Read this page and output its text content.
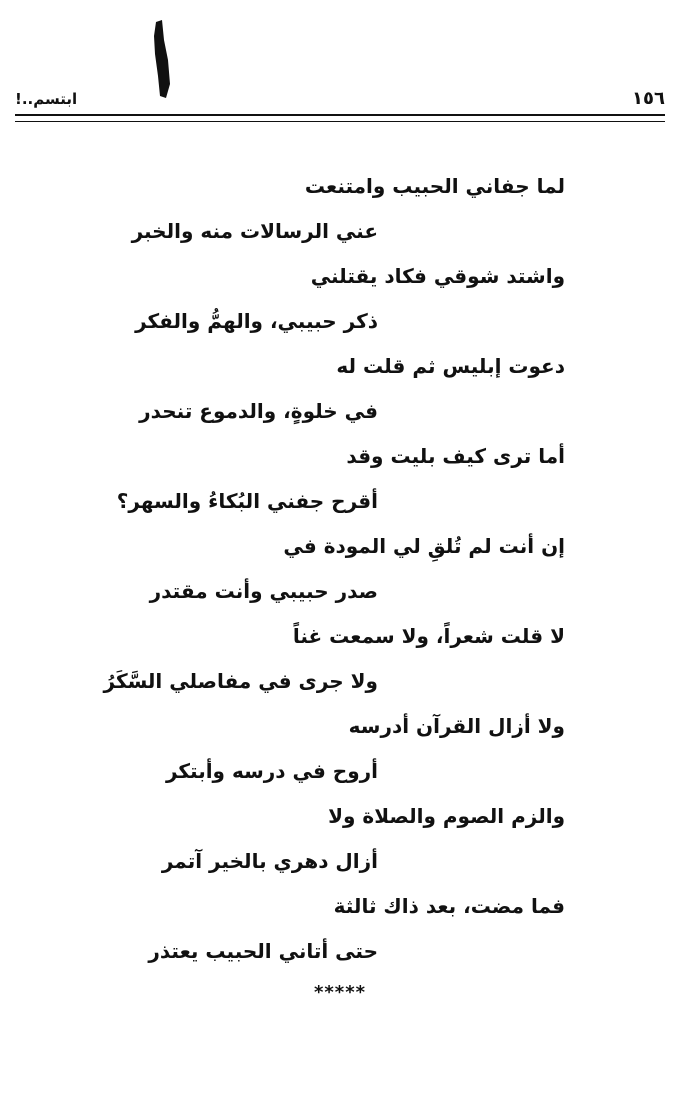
١٥٦
ابتسم..!
لما جفاني الحبيب وامتنعت
عني الرسالات منه والخبر
واشتد شوقي فكاد يقتلني
ذكر حبيبي، والهمُّ والفكر
دعوت إبليس ثم قلت له
في خلوةٍ، والدموع تنحدر
أما ترى كيف بليت وقد
أقرح جفني البُكاءُ والسهر؟
إن أنت لم تُلقِ لي المودة في
صدر حبيبي وأنت مقتدر
لا قلت شعراً، ولا سمعت غناً
ولا جرى في مفاصلي السَّكَرُ
ولا أزال القرآن أدرسه
أروح في درسه وأبتكر
والزم الصوم والصلاة ولا
أزال دهري بالخير آتمر
فما مضت، بعد ذاك ثالثة
حتى أتاني الحبيب يعتذر
*****
